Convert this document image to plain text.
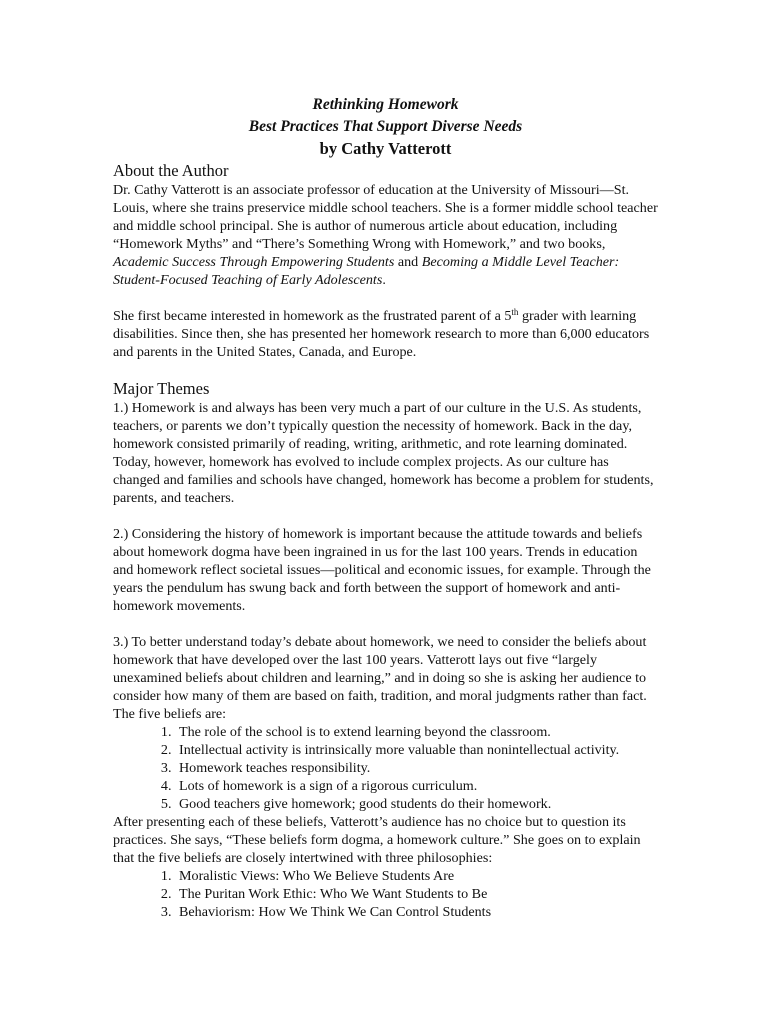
Rethinking Homework
Best Practices That Support Diverse Needs
by Cathy Vatterott
About the Author

Dr. Cathy Vatterott is an associate professor of education at the University of Missouri—St. Louis, where she trains preservice middle school teachers. She is a former middle school teacher and middle school principal. She is author of numerous article about education, including “Homework Myths” and “There’s Something Wrong with Homework,” and two books, Academic Success Through Empowering Students and Becoming a Middle Level Teacher: Student-Focused Teaching of Early Adolescents.

She first became interested in homework as the frustrated parent of a 5th grader with learning disabilities. Since then, she has presented her homework research to more than 6,000 educators and parents in the United States, Canada, and Europe.

Major Themes

1.) Homework is and always has been very much a part of our culture in the U.S. As students, teachers, or parents we don’t typically question the necessity of homework. Back in the day, homework consisted primarily of reading, writing, arithmetic, and rote learning dominated. Today, however, homework has evolved to include complex projects. As our culture has changed and families and schools have changed, homework has become a problem for students, parents, and teachers.

2.) Considering the history of homework is important because the attitude towards and beliefs about homework dogma have been ingrained in us for the last 100 years. Trends in education and homework reflect societal issues—political and economic issues, for example. Through the years the pendulum has swung back and forth between the support of homework and anti-homework movements.

3.) To better understand today’s debate about homework, we need to consider the beliefs about homework that have developed over the last 100 years. Vatterott lays out five “largely unexamined beliefs about children and learning,” and in doing so she is asking her audience to consider how many of them are based on faith, tradition, and moral judgments rather than fact. The five beliefs are:

1. The role of the school is to extend learning beyond the classroom.
2. Intellectual activity is intrinsically more valuable than nonintellectual activity.
3. Homework teaches responsibility.
4. Lots of homework is a sign of a rigorous curriculum.
5. Good teachers give homework; good students do their homework.

After presenting each of these beliefs, Vatterott’s audience has no choice but to question its practices. She says, “These beliefs form dogma, a homework culture.” She goes on to explain that the five beliefs are closely intertwined with three philosophies:

1. Moralistic Views: Who We Believe Students Are
2. The Puritan Work Ethic: Who We Want Students to Be
3. Behaviorism: How We Think We Can Control Students
